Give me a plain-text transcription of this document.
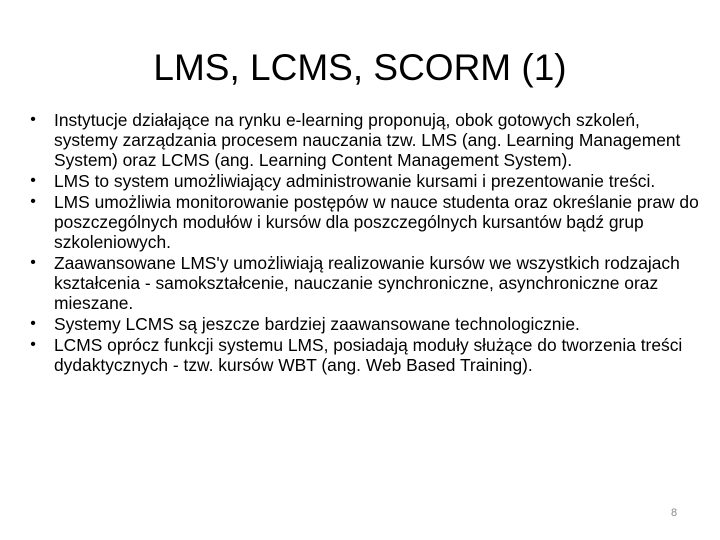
LMS, LCMS, SCORM (1)
• Instytucje działające na rynku e-learning proponują, obok gotowych szkoleń, systemy zarządzania procesem nauczania tzw. LMS (ang. Learning Management System) oraz LCMS (ang. Learning Content Management System).
• LMS to system umożliwiający administrowanie kursami i prezentowanie treści.
• LMS umożliwia monitorowanie postępów w nauce studenta oraz określanie praw do poszczególnych modułów i kursów dla poszczególnych kursantów bądź grup szkoleniowych.
• Zaawansowane LMS'y umożliwiają realizowanie kursów we wszystkich rodzajach kształcenia - samokształcenie, nauczanie synchroniczne, asynchroniczne oraz mieszane.
• Systemy LCMS są jeszcze bardziej zaawansowane technologicznie.
• LCMS oprócz funkcji systemu LMS, posiadają moduły służące do tworzenia treści dydaktycznych - tzw. kursów WBT (ang. Web Based Training).
8
